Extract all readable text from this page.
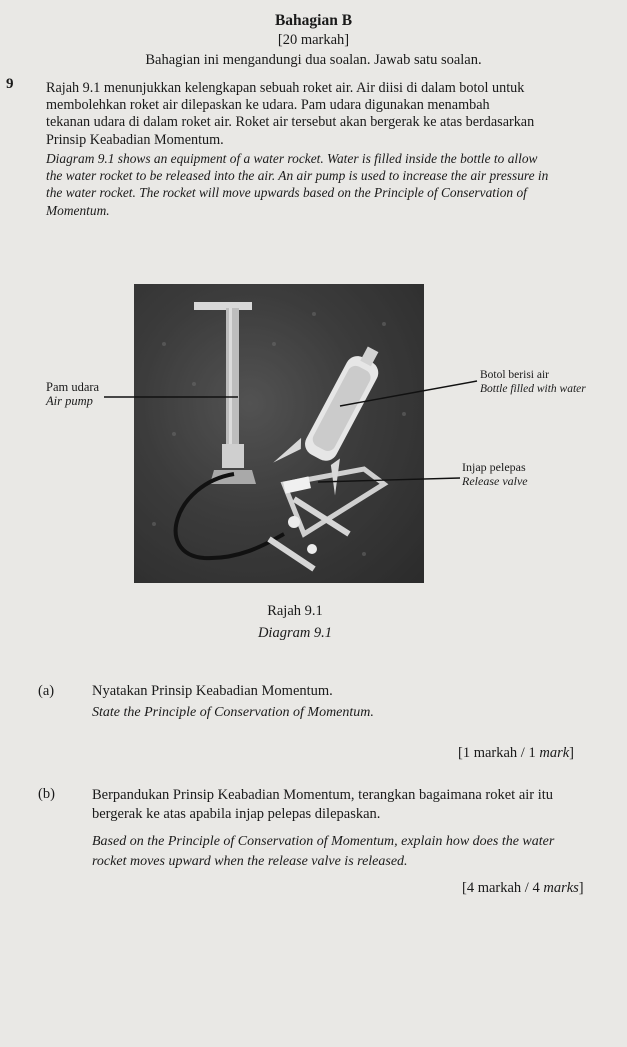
Bahagian B
[20 markah]
Bahagian ini mengandungi dua soalan. Jawab satu soalan.
9 Rajah 9.1 menunjukkan kelengkapan sebuah roket air. Air diisi di dalam botol untuk
membolehkan roket air dilepaskan ke udara. Pam udara digunakan menambah
tekanan udara di dalam roket air. Roket air tersebut akan bergerak ke atas berdasarkan
Prinsip Keabadian Momentum.
Diagram 9.1 shows an equipment of a water rocket. Water is filled inside the bottle to allow
the water rocket to be released into the air. An air pump is used to increase the air pressure in
the water rocket. The rocket will move upwards based on the Principle of Conservation of
Momentum.
Pam udara
Air pump
Botol berisi air
Bottle filled with water
Injap pelepas
Release valve
Rajah 9.1
Diagram 9.1
(a)	Nyatakan Prinsip Keabadian Momentum.
State the Principle of Conservation of Momentum.
[1 markah / 1 mark]
(b)	Berpandukan Prinsip Keabadian Momentum, terangkan bagaimana roket air itu
bergerak ke atas apabila injap pelepas dilepaskan.
Based on the Principle of Conservation of Momentum, explain how does the water
rocket moves upward when the release valve is released.
[4 markah / 4 marks]
